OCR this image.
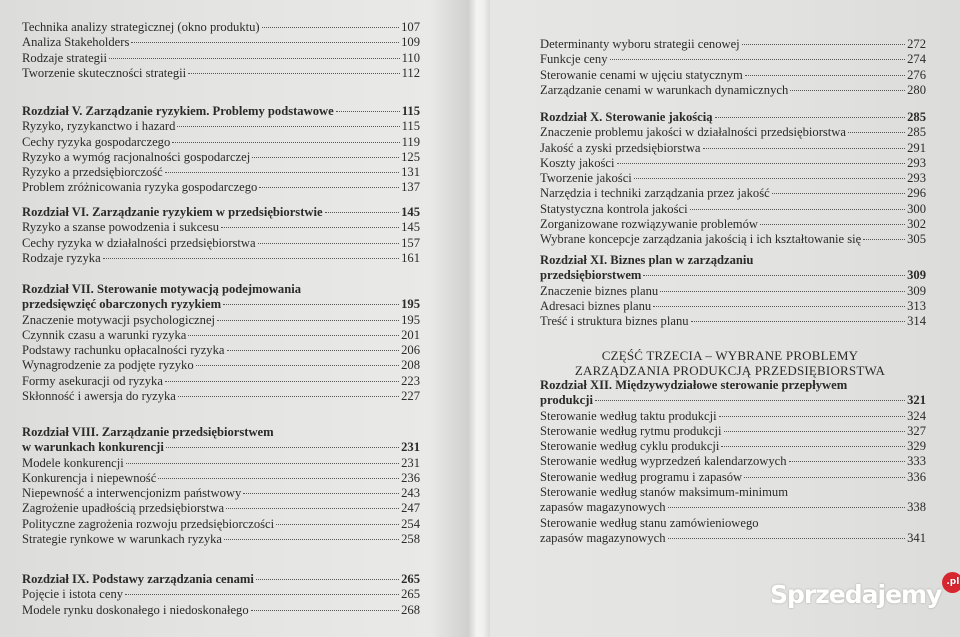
Technika analizy strategicznej (okno produktu)	107
Analiza Stakeholders	109
Rodzaje strategii	110
Tworzenie skuteczności strategii	112
Rozdział V. Zarządzanie ryzykiem. Problemy podstawowe	115
Ryzyko, ryzykanctwo i hazard	115
Cechy ryzyka gospodarczego	119
Ryzyko a wymóg racjonalności gospodarczej	125
Ryzyko a przedsiębiorczość	131
Problem zróżnicowania ryzyka gospodarczego	137
Rozdział VI. Zarządzanie ryzykiem w przedsiębiorstwie	145
Ryzyko a szanse powodzenia i sukcesu	145
Cechy ryzyka w działalności przedsiębiorstwa	157
Rodzaje ryzyka	161
Rozdział VII. Sterowanie motywacją podejmowania
przedsięwzięć obarczonych ryzykiem	195
Znaczenie motywacji psychologicznej	195
Czynnik czasu a warunki ryzyka	201
Podstawy rachunku opłacalności ryzyka	206
Wynagrodzenie za podjęte ryzyko	208
Formy asekuracji od ryzyka	223
Skłonność i awersja do ryzyka	227
Rozdział VIII. Zarządzanie przedsiębiorstwem
w warunkach konkurencji	231
Modele konkurencji	231
Konkurencja i niepewność	236
Niepewność a interwencjonizm państwowy	243
Zagrożenie upadłością przedsiębiorstwa	247
Polityczne zagrożenia rozwoju przedsiębiorczości	254
Strategie rynkowe w warunkach ryzyka	258
Rozdział IX. Podstawy zarządzania cenami	265
Pojęcie i istota ceny	265
Modele rynku doskonałego i niedoskonałego	268
CZĘŚĆ TRZECIA – WYBRANE PROBLEMY
ZARZĄDZANIA PRODUKCJĄ PRZEDSIĘBIORSTWA
Determinanty wyboru strategii cenowej	272
Funkcje ceny	274
Sterowanie cenami w ujęciu statycznym	276
Zarządzanie cenami w warunkach dynamicznych	280
Rozdział X. Sterowanie jakością	285
Znaczenie problemu jakości w działalności przedsiębiorstwa	285
Jakość a zyski przedsiębiorstwa	291
Koszty jakości	293
Tworzenie jakości	293
Narzędzia i techniki zarządzania przez jakość	296
Statystyczna kontrola jakości	300
Zorganizowane rozwiązywanie problemów	302
Wybrane koncepcje zarządzania jakością i ich kształtowanie się	305
Rozdział XI. Biznes plan w zarządzaniu
przedsiębiorstwem	309
Znaczenie biznes planu	309
Adresaci biznes planu	313
Treść i struktura biznes planu	314
Rozdział XII. Międzywydziałowe sterowanie przepływem
produkcji	321
Sterowanie według taktu produkcji	324
Sterowanie według rytmu produkcji	327
Sterowanie według cyklu produkcji	329
Sterowanie według wyprzedzeń kalendarzowych	333
Sterowanie według programu i zapasów	336
Sterowanie według stanów maksimum-minimum
zapasów magazynowych	338
Sterowanie według stanu zamówieniowego
zapasów magazynowych	341
Sprzedajemy .pl
